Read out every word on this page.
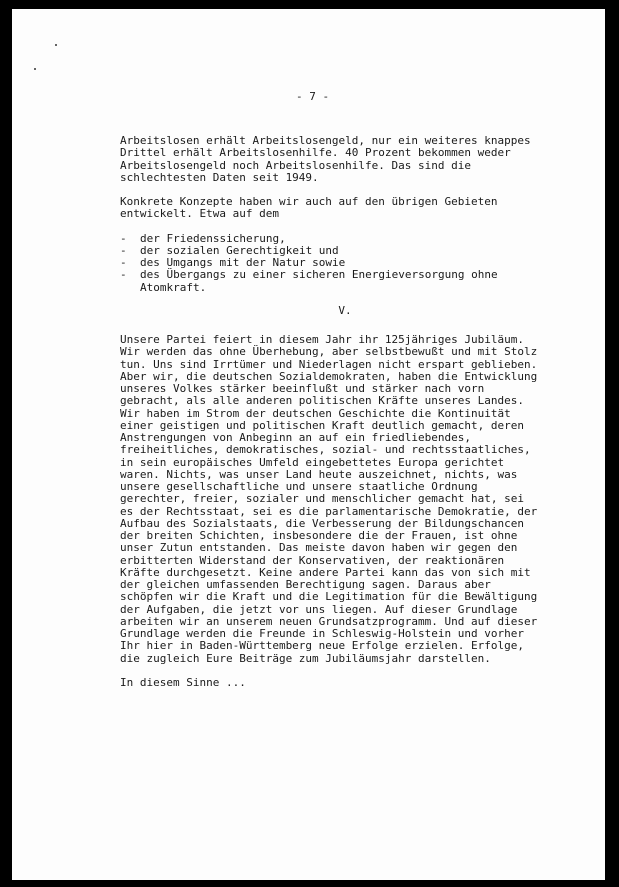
- 7 -

Arbeitslosen erhält Arbeitslosengeld, nur ein weiteres knappes

Drittel erhält Arbeitslosenhilfe. 40 Prozent bekommen weder

Arbeitslosengeld noch Arbeitslosenhilfe. Das sind die

schlechtesten Daten seit 1949.

Konkrete Konzepte haben wir auch auf den übrigen Gebieten

entwickelt. Etwa auf dem

-	der Friedenssicherung,
-	der sozialen Gerechtigkeit und
-	des Umgangs mit der Natur sowie
-	des Übergangs zu einer sicheren Energieversorgung ohne
Atomkraft.
V.

Unsere Partei feiert in diesem Jahr ihr 125jähriges Jubiläum.

Wir werden das ohne Überhebung, aber selbstbewußt und mit Stolz

tun. Uns sind Irrtümer und Niederlagen nicht erspart geblieben.

Aber wir, die deutschen Sozialdemokraten, haben die Entwicklung

unseres Volkes stärker beeinflußt und stärker nach vorn

gebracht, als alle anderen politischen Kräfte unseres Landes.

Wir haben im Strom der deutschen Geschichte die Kontinuität

einer geistigen und politischen Kraft deutlich gemacht, deren

Anstrengungen von Anbeginn an auf ein friedliebendes,

freiheitliches, demokratisches, sozial- und rechtsstaatliches,

in sein europäisches Umfeld eingebettetes Europa gerichtet

waren. Nichts, was unser Land heute auszeichnet, nichts, was

unsere gesellschaftliche und unsere staatliche Ordnung

gerechter, freier, sozialer und menschlicher gemacht hat, sei

es der Rechtsstaat, sei es die parlamentarische Demokratie, der

Aufbau des Sozialstaats, die Verbesserung der Bildungschancen

der breiten Schichten, insbesondere die der Frauen, ist ohne

unser Zutun entstanden. Das meiste davon haben wir gegen den

erbitterten Widerstand der Konservativen, der reaktionären

Kräfte durchgesetzt. Keine andere Partei kann das von sich mit

der gleichen umfassenden Berechtigung sagen. Daraus aber

schöpfen wir die Kraft und die Legitimation für die Bewältigung

der Aufgaben, die jetzt vor uns liegen. Auf dieser Grundlage

arbeiten wir an unserem neuen Grundsatzprogramm. Und auf dieser

Grundlage werden die Freunde in Schleswig-Holstein und vorher

Ihr hier in Baden-Württemberg neue Erfolge erzielen. Erfolge,

die zugleich Eure Beiträge zum Jubiläumsjahr darstellen.

In diesem Sinne ...
